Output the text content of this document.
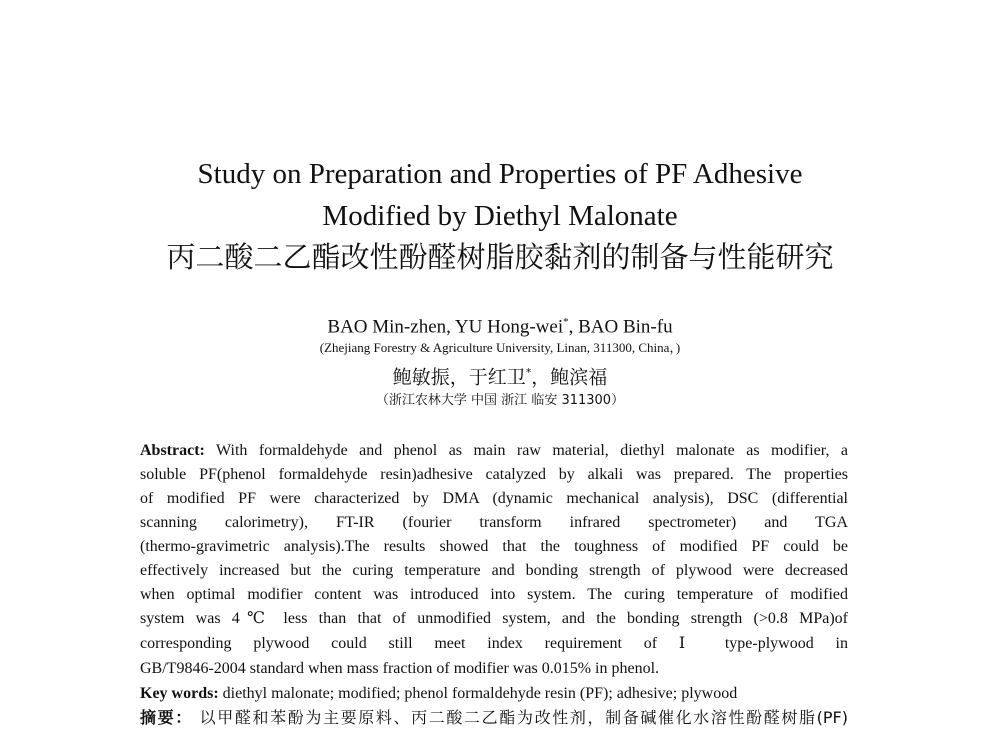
Study on Preparation and Properties of PF Adhesive
Modified by Diethyl Malonate
丙二酸二乙酯改性酚醛树脂胶黏剂的制备与性能研究
BAO Min-zhen, YU Hong-wei*, BAO Bin-fu
(Zhejiang Forestry & Agriculture University, Linan, 311300, China，)
鲍敏振，于红卫*，鲍滨福
（浙江农林大学 中国 浙江 临安 311300）
Abstract: With formaldehyde and phenol as main raw material, diethyl malonate as modifier, a
soluble PF(phenol formaldehyde resin)adhesive catalyzed by alkali was prepared. The properties
of modified PF were characterized by DMA (dynamic mechanical analysis), DSC (differential
scanning calorimetry), FT-IR (fourier transform infrared spectrometer) and TGA
(thermo-gravimetric analysis).The results showed that the toughness of modified PF could be
effectively increased but the curing temperature and bonding strength of plywood were decreased
when optimal modifier content was introduced into system. The curing temperature of modified
system was 4℃ less than that of unmodified system, and the bonding strength (>0.8 MPa)of
corresponding plywood could still meet index requirement of Ⅰ type-plywood in
GB/T9846-2004 standard when mass fraction of modifier was 0.015% in phenol.
Key words: diethyl malonate; modified; phenol formaldehyde resin (PF); adhesive; plywood
摘要： 以甲醛和苯酚为主要原料、丙二酸二乙酯为改性剂，制备碱催化水溶性酚醛树脂(PF)
